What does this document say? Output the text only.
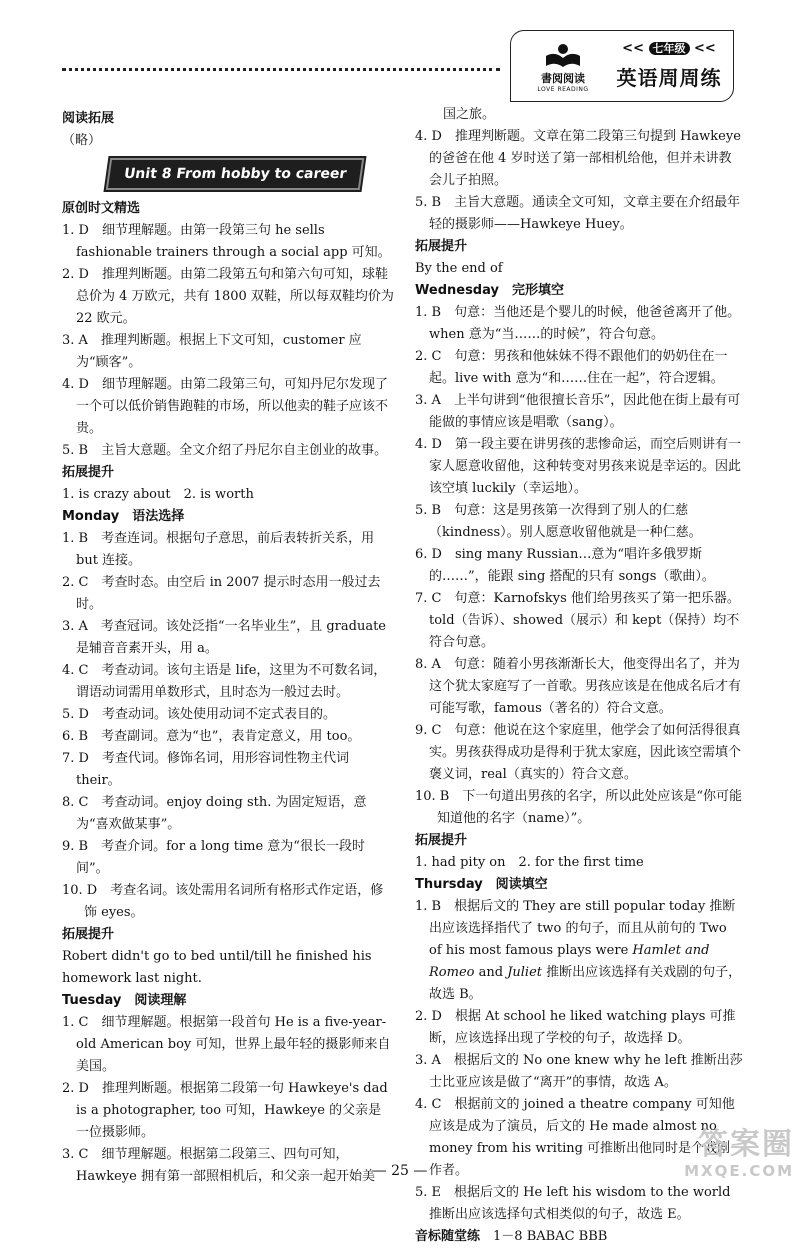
書阅阅读
LOVE READING
<< 七年级 <<
英语周周练
阅读拓展
（略）
Unit 8 From hobby to career
原创时文精选
1. D　细节理解题。由第一段第三句 he sells fashionable trainers through a social app 可知。
2. D　推理判断题。由第二段第五句和第六句可知，球鞋总价为 4 万欧元，共有 1800 双鞋，所以每双鞋均价为 22 欧元。
3. A　推理判断题。根据上下文可知，customer 应为“顾客”。
4. D　细节理解题。由第二段第三句，可知丹尼尔发现了一个可以低价销售跑鞋的市场，所以他卖的鞋子应该不贵。
5. B　主旨大意题。全文介绍了丹尼尔自主创业的故事。
拓展提升
1. is crazy about　2. is worth
Monday　语法选择
1. B　考查连词。根据句子意思，前后表转折关系，用 but 连接。
2. C　考查时态。由空后 in 2007 提示时态用一般过去时。
3. A　考查冠词。该处泛指“一名毕业生”，且 graduate 是辅音音素开头，用 a。
4. C　考查动词。该句主语是 life，这里为不可数名词，谓语动词需用单数形式，且时态为一般过去时。
5. D　考查动词。该处使用动词不定式表目的。
6. B　考查副词。意为“也”，表肯定意义，用 too。
7. D　考查代词。修饰名词，用形容词性物主代词 their。
8. C　考查动词。enjoy doing sth. 为固定短语，意为“喜欢做某事”。
9. B　考查介词。for a long time 意为“很长一段时间”。
10. D　考查名词。该处需用名词所有格形式作定语，修饰 eyes。
拓展提升
Robert didn't go to bed until/till he finished his homework last night.
Tuesday　阅读理解
1. C　细节理解题。根据第一段首句 He is a five-year-old American boy 可知，世界上最年轻的摄影师来自美国。
2. D　推理判断题。根据第二段第一句 Hawkeye's dad is a photographer, too 可知，Hawkeye 的父亲是一位摄影师。
3. C　细节理解题。根据第二段第三、四句可知，Hawkeye 拥有第一部照相机后，和父亲一起开始美
国之旅。
4. D　推理判断题。文章在第二段第三句提到 Hawkeye 的爸爸在他 4 岁时送了第一部相机给他，但并未讲教会儿子拍照。
5. B　主旨大意题。通读全文可知，文章主要在介绍最年轻的摄影师——Hawkeye Huey。
拓展提升
By the end of
Wednesday　完形填空
1. B　句意：当他还是个婴儿的时候，他爸爸离开了他。when 意为“当……的时候”，符合句意。
2. C　句意：男孩和他妹妹不得不跟他们的奶奶住在一起。live with 意为“和……住在一起”，符合逻辑。
3. A　上半句讲到“他很擅长音乐”，因此他在街上最有可能做的事情应该是唱歌（sang）。
4. D　第一段主要在讲男孩的悲惨命运，而空后则讲有一家人愿意收留他，这种转变对男孩来说是幸运的。因此该空填 luckily（幸运地）。
5. B　句意：这是男孩第一次得到了别人的仁慈（kindness）。别人愿意收留他就是一种仁慈。
6. D　sing many Russian…意为“唱许多俄罗斯的……”，能跟 sing 搭配的只有 songs（歌曲）。
7. C　句意：Karnofskys 他们给男孩买了第一把乐器。told（告诉）、showed（展示）和 kept（保持）均不符合句意。
8. A　句意：随着小男孩渐渐长大，他变得出名了，并为这个犹太家庭写了一首歌。男孩应该是在他成名后才有可能写歌，famous（著名的）符合文意。
9. C　句意：他说在这个家庭里，他学会了如何活得很真实。男孩获得成功是得利于犹太家庭，因此该空需填个褒义词，real（真实的）符合文意。
10. B　下一句道出男孩的名字，所以此处应该是“你可能知道他的名字（name）”。
拓展提升
1. had pity on　2. for the first time
Thursday　阅读填空
1. B　根据后文的 They are still popular today 推断出应该选择指代了 two 的句子，而且从前句的 Two of his most famous plays were Hamlet and Romeo and Juliet 推断出应该选择有关戏剧的句子，故选 B。
2. D　根据 At school he liked watching plays 可推断，应该选择出现了学校的句子，故选择 D。
3. A　根据后文的 No one knew why he left 推断出莎士比亚应该是做了“离开”的事情，故选 A。
4. C　根据前文的 joined a theatre company 可知他应该是成为了演员，后文的 He made almost no money from his writing 可推断出他同时是个戏剧作者。
5. E　根据后文的 He left his wisdom to the world 推断出应该选择句式相类似的句子，故选 E。
音标随堂练　 1－8 BABAC BBB
— 25 —
答案圈
MXQE.COM
